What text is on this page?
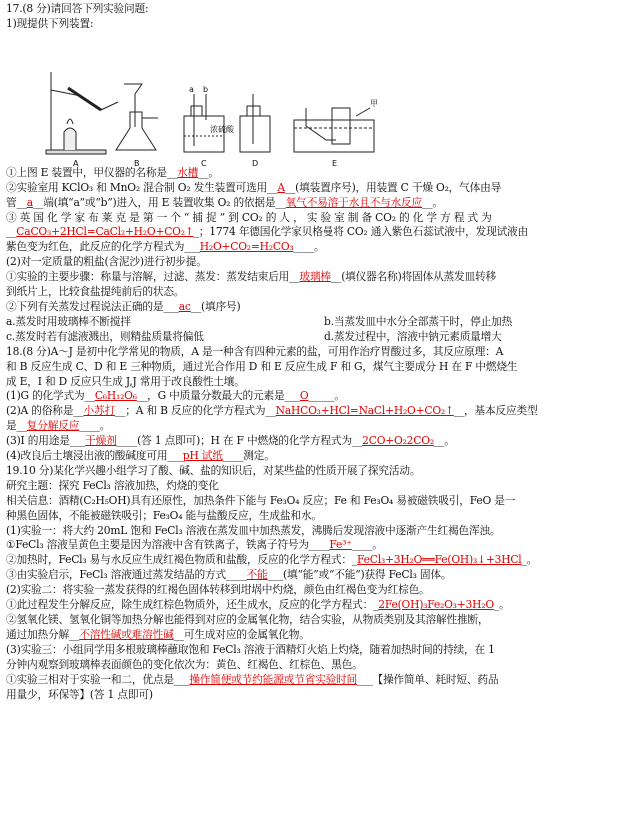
17.(8 分)请回答下列实验问题:
1)现提供下列装置:
甲
a b
浓硫酸
A	B	C	D	E
①上图 E 装置中，甲仪器的名称是__水槽__。
②实验室用 KClO₃ 和 MnO₂ 混合制 O₂ 发生装置可选用__A__(填装置序号)，用装置 C 干燥 O₂，气体由导
管__a__端(填“a”或“b”)进入，用 E 装置收集 O₂ 的依据是__氧气不易溶于水且不与水反应__。
③ 英 国 化 学 家 布 莱 克 是 第 一 个 “ 捕 捉 ” 到 CO₂ 的 人 ， 实 验 室 制 备 CO₂ 的 化 学 方 程 式 为
__CaCO₃+2HCl=CaCl₂+H₂O+CO₂↑_；1774 年德国化学家贝格曼将 CO₂ 通入紫色石蕊试液中，发现试液由
紫色变为红色，此反应的化学方程式为___H₂O+CO₂=H₂CO₃____。
(2)对一定质量的粗盐(含泥沙)进行初步提。
①实验的主要步骤：称量与溶解，过滤、蒸发：蒸发结束后用__玻璃棒__(填仪器名称)将固体从蒸发皿转移
到纸片上，比较食盐提纯前后的状态。
②下列有关蒸发过程说法正确的是___ac__(填序号)
a.蒸发时用玻璃棒不断搅拌	b.当蒸发皿中水分全部蒸干时，停止加热
c.蒸发时若有滤液溅出，则精盐质量将偏低	d.蒸发过程中，溶液中钠元素质量增大
18.(8 分)A～J 是初中化学常见的物质，A 是一种含有四种元素的盐，可用作治疗胃酸过多，其反应原理：A
和 B 反应生成 C、D 和 E 三种物质，通过光合作用 D 和 E 反应生成 F 和 G，煤气主要成分 H 在 F 中燃烧生
成 E，I 和 D 反应只生成 J,J 常用于改良酸性土壤。
(1)G 的化学式为__C₆H₁₂O₆__，G 中质量分数最大的元素是___O_____。
(2)A 的俗称是__小苏打__；A 和 B 反应的化学方程式为__NaHCO₃+HCl=NaCl+H₂O+CO₂↑__，基本反应类型
是__复分解反应____。
(3)I 的用途是___干燥剂____(答 1 点即可)；H 在 F 中燃烧的化学方程式为__2CO+O₂2CO₂__。
(4)改良后土壤浸出液的酸碱度可用___pH 试纸____测定。
19.10 分)某化学兴趣小组学习了酸、碱、盐的知识后，对某些盐的性质开展了探究活动。
研究主题：探究 FeCl₃ 溶液加热，灼烧的变化
相关信息：酒精(C₂H₅OH)具有还原性，加热条件下能与 Fe₃O₄ 反应；Fe 和 Fe₃O₄ 易被磁铁吸引，FeO 是一
种黑色固体，不能被磁铁吸引；Fe₃O₄ 能与盐酸反应，生成盐和水。
(1)实验一：将大约 20mL 饱和 FeCl₃ 溶液在蒸发皿中加热蒸发，沸腾后发现溶液中逐渐产生红褐色浑浊。
①FeCl₃ 溶液呈黄色主要是因为溶液中含有铁离子，铁离子符号为____Fe³⁺____。
②加热时，FeCl₃ 易与水反应生成红褐色物质和盐酸，反应的化学方程式：_FeCl₃+3H₂O══Fe(OH)₃↓+3HCl_。
③由实验启示，FeCl₃ 溶液通过蒸发结晶的方式____不能___(填“能”或“不能”)获得 FeCl₃ 固体。
(2)实验二：将实验一蒸发获得的红褐色固体转移到坩埚中灼烧，颜色由红褐色变为红棕色。
①此过程发生分解反应，除生成红棕色物质外，还生成水，反应的化学方程式：_2Fe(OH)₃Fe₂O₃+3H₂O_。
②氢氧化镁、氢氧化铜等加热分解也能得到对应的金属氧化物，结合实验，从物质类别及其溶解性推断，
通过加热分解__不溶性碱或难溶性碱__可生成对应的金属氧化物。
(3)实验三：小组同学用多根玻璃棒蘸取饱和 FeCl₃ 溶液于酒精灯火焰上灼烧，随着加热时间的持续，在 1
分钟内观察到玻璃棒表面颜色的变化依次为：黄色、红褐色、红棕色、黑色。
①实验三相对于实验一和二，优点是___操作简便或节约能源或节省实验时间___【操作简单、耗时短、药品
用量少，环保等】(答 1 点即可)
